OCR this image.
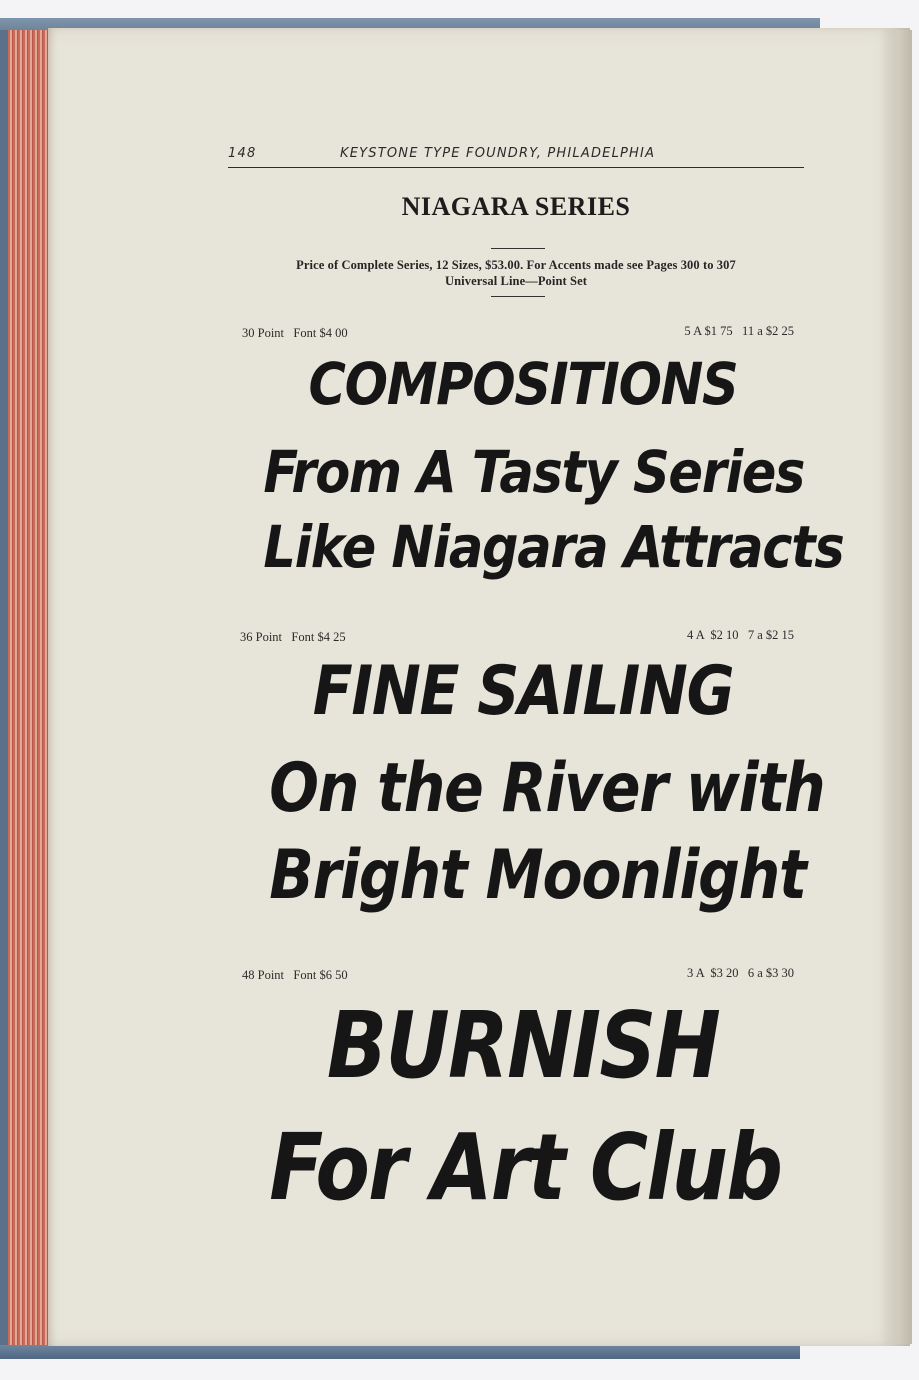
148	KEYSTONE TYPE FOUNDRY, PHILADELPHIA
NIAGARA SERIES
Price of Complete Series, 12 Sizes, $53.00. For Accents made see Pages 300 to 307
Universal Line—Point Set
30 Point   Font $4 00	5 A $1 75   11 a $2 25
COMPOSITIONS
From A Tasty Series
Like Niagara Attracts
36 Point   Font $4 25	4 A  $2 10   7 a $2 15
FINE SAILING
On the River with
Bright Moonlight
48 Point   Font $6 50	3 A  $3 20   6 a $3 30
BURNISH
For Art Club
